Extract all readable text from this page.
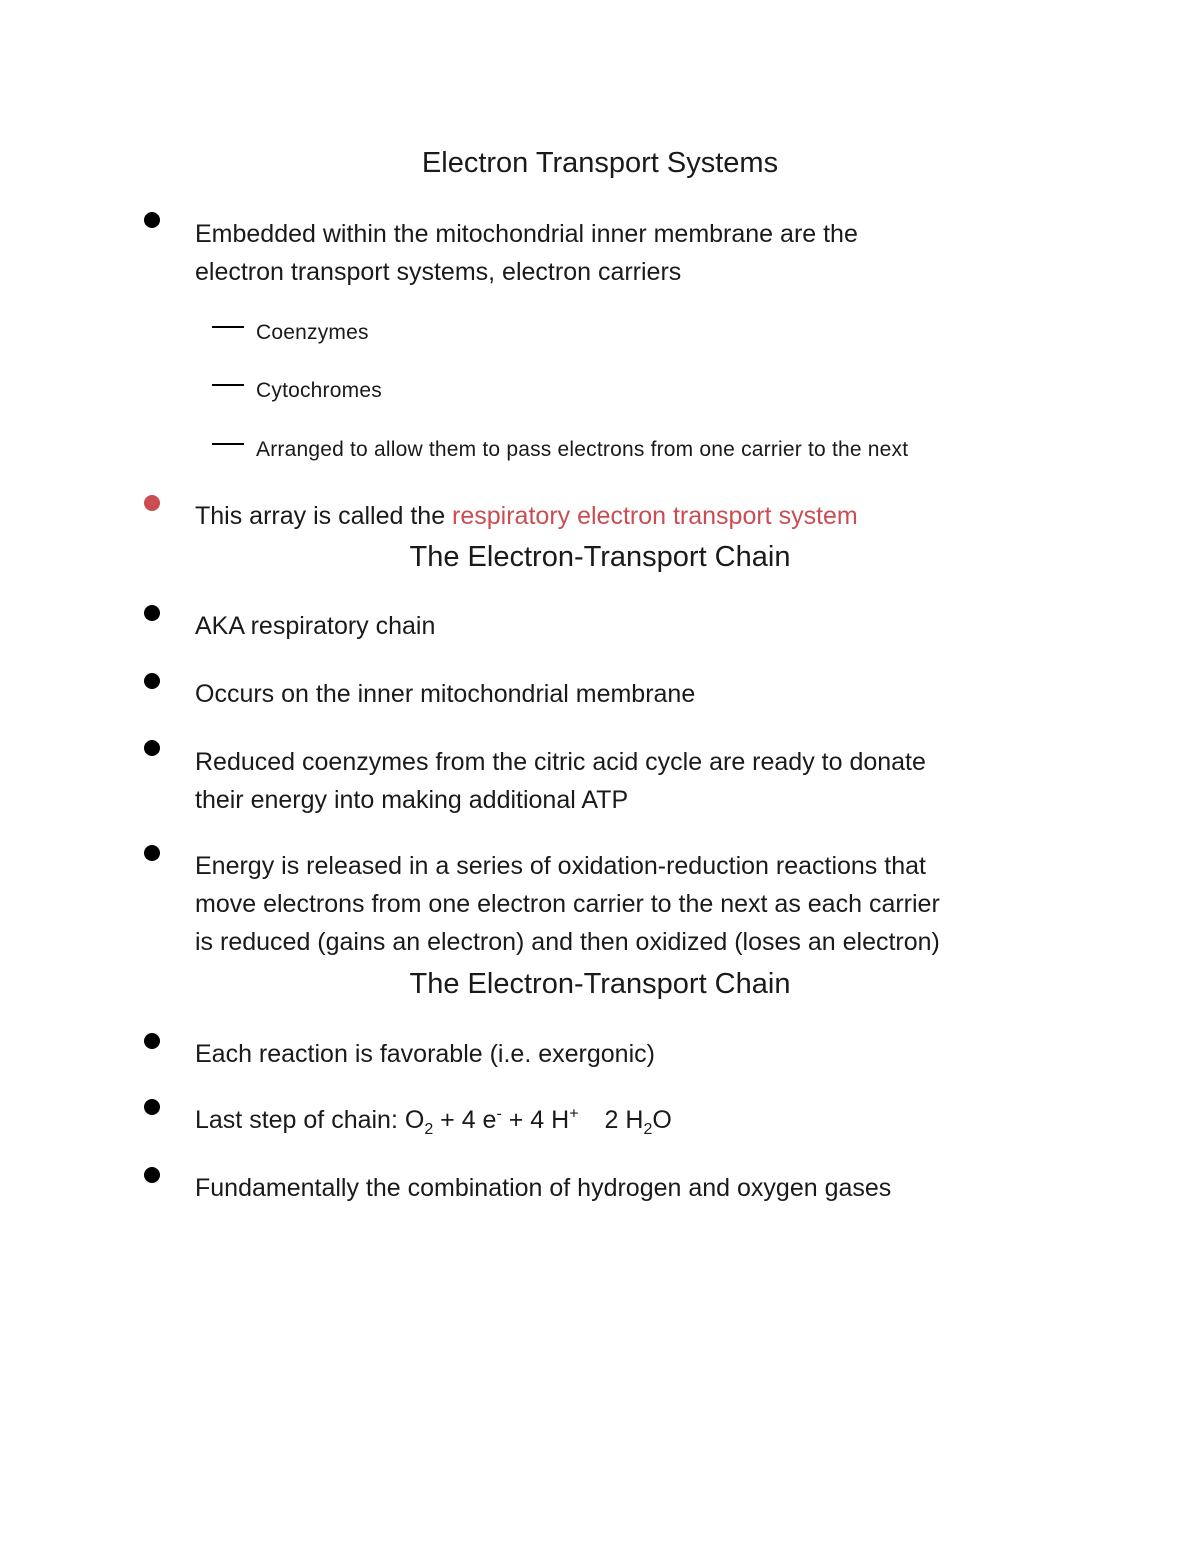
Electron Transport Systems
Embedded within the mitochondrial inner membrane are the
electron transport systems, electron carriers
Coenzymes
Cytochromes
Arranged to allow them to pass electrons from one carrier to the next
This array is called the respiratory electron transport system
The Electron-Transport Chain
AKA respiratory chain
Occurs on the inner mitochondrial membrane
Reduced coenzymes from the citric acid cycle are ready to donate
their energy into making additional ATP
Energy is released in a series of oxidation-reduction reactions that
move electrons from one electron carrier to the next as each carrier
is reduced (gains an electron) and then oxidized (loses an electron)
The Electron-Transport Chain
Each reaction is favorable (i.e. exergonic)
Last step of chain: $O_2 + 4$ e- + 4 H+ 2 $H_2O$
Fundamentally the combination of hydrogen and oxygen gases
